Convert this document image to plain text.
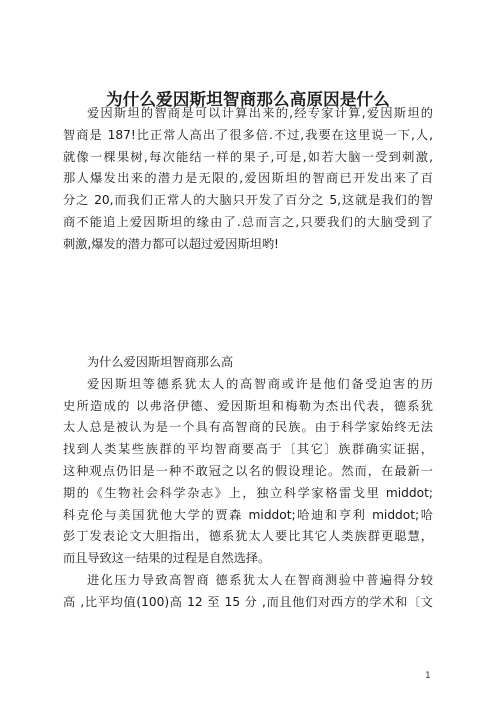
为什么爱因斯坦智商那么高原因是什么
爱因斯坦的智商是可以计算出来的,经专家计算,爱因斯坦的
智商是 187!比正常人高出了很多倍.不过,我要在这里说一下,人,
就像一棵果树,每次能结一样的果子,可是,如若大脑一受到刺激,
那人爆发出来的潜力是无限的,爱因斯坦的智商已开发出来了百
分之 20,而我们正常人的大脑只开发了百分之 5,这就是我们的智
商不能追上爱因斯坦的缘由了.总而言之,只要我们的大脑受到了
刺激,爆发的潜力都可以超过爱因斯坦哟!
为什么爱因斯坦智商那么高
爱因斯坦等德系犹太人的高智商或许是他们备受迫害的历
史所造成的 以弗洛伊德、爱因斯坦和梅勒为杰出代表，德系犹
太人总是被认为是一个具有高智商的民族。由于科学家始终无法
找到人类某些族群的平均智商要高于〔其它〕族群确实证据，
这种观点仍旧是一种不敢冠之以名的假设理论。然而，在最新一
期的《生物社会科学杂志》上，独立科学家格雷戈里 middot;
科克伦与美国犹他大学的贾森 middot;哈迪和亨利 middot;哈
彭丁发表论文大胆指出，德系犹太人要比其它人类族群更聪慧，
而且导致这一结果的过程是自然选择。
进化压力导致高智商 德系犹太人在智商测验中普遍得分较
高 ,比平均值(100)高 12 至 15 分 ,而且他们对西方的学术和〔文
1
